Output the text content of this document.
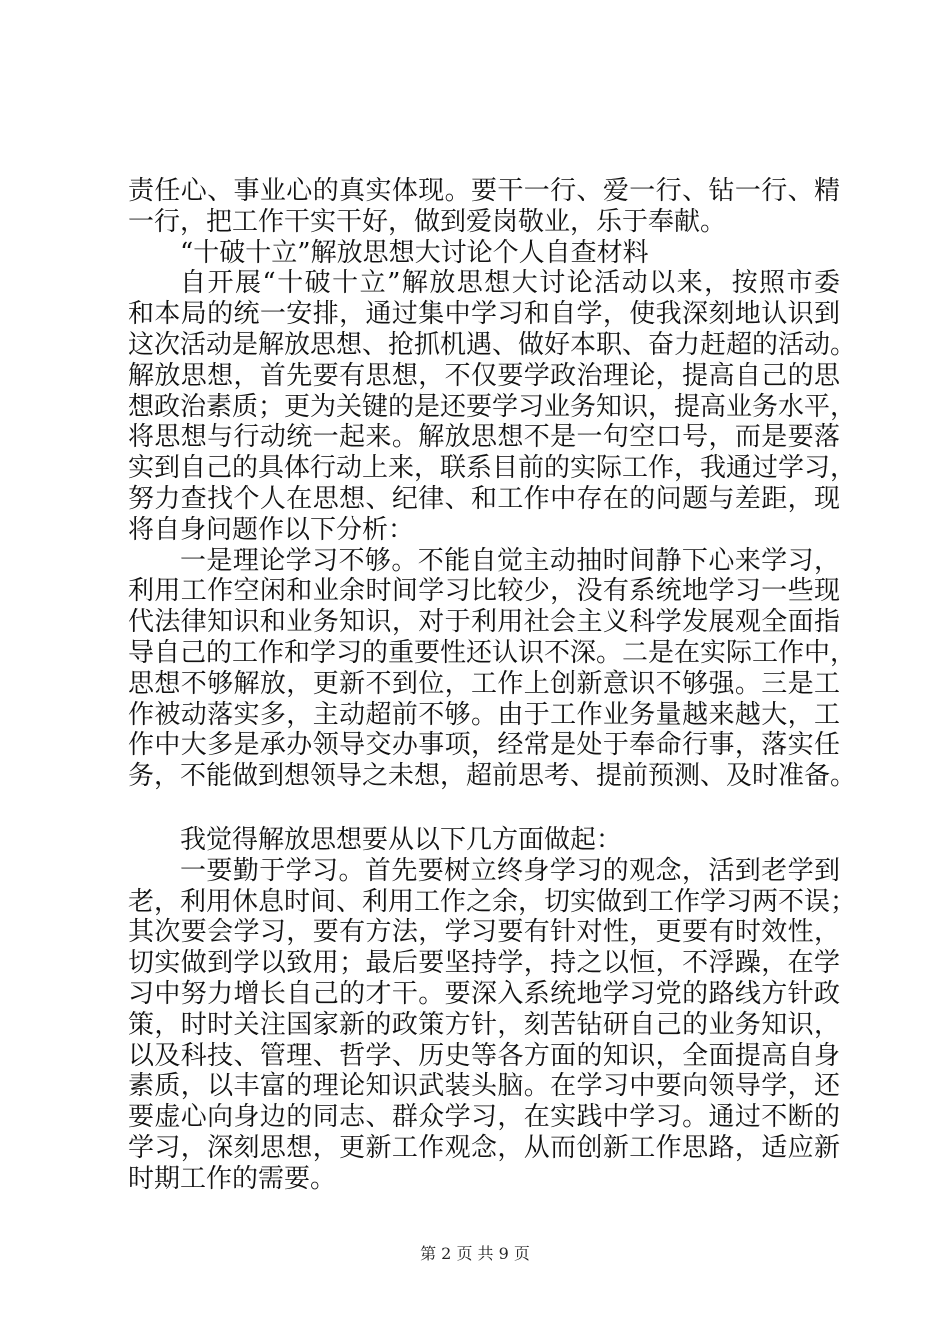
责任心、事业心的真实体现。要干一行、爱一行、钻一行、精
一行，把工作干实干好，做到爱岗敬业，乐于奉献。
“十破十立”解放思想大讨论个人自查材料
自开展“十破十立”解放思想大讨论活动以来，按照市委
和本局的统一安排，通过集中学习和自学，使我深刻地认识到
这次活动是解放思想、抢抓机遇、做好本职、奋力赶超的活动。
解放思想，首先要有思想，不仅要学政治理论，提高自己的思
想政治素质；更为关键的是还要学习业务知识，提高业务水平，
将思想与行动统一起来。解放思想不是一句空口号，而是要落
实到自己的具体行动上来，联系目前的实际工作，我通过学习，
努力查找个人在思想、纪律、和工作中存在的问题与差距，现
将自身问题作以下分析：
一是理论学习不够。不能自觉主动抽时间静下心来学习，
利用工作空闲和业余时间学习比较少，没有系统地学习一些现
代法律知识和业务知识，对于利用社会主义科学发展观全面指
导自己的工作和学习的重要性还认识不深。二是在实际工作中，
思想不够解放，更新不到位，工作上创新意识不够强。三是工
作被动落实多，主动超前不够。由于工作业务量越来越大，工
作中大多是承办领导交办事项，经常是处于奉命行事，落实任
务，不能做到想领导之未想，超前思考、提前预测、及时准备。
我觉得解放思想要从以下几方面做起：
一要勤于学习。首先要树立终身学习的观念，活到老学到
老，利用休息时间、利用工作之余，切实做到工作学习两不误；
其次要会学习，要有方法，学习要有针对性，更要有时效性，
切实做到学以致用；最后要坚持学，持之以恒，不浮躁，在学
习中努力增长自己的才干。要深入系统地学习党的路线方针政
策，时时关注国家新的政策方针，刻苦钻研自己的业务知识，
以及科技、管理、哲学、历史等各方面的知识，全面提高自身
素质，以丰富的理论知识武装头脑。在学习中要向领导学，还
要虚心向身边的同志、群众学习，在实践中学习。通过不断的
学习，深刻思想，更新工作观念，从而创新工作思路，适应新
时期工作的需要。
第 2 页 共 9 页
